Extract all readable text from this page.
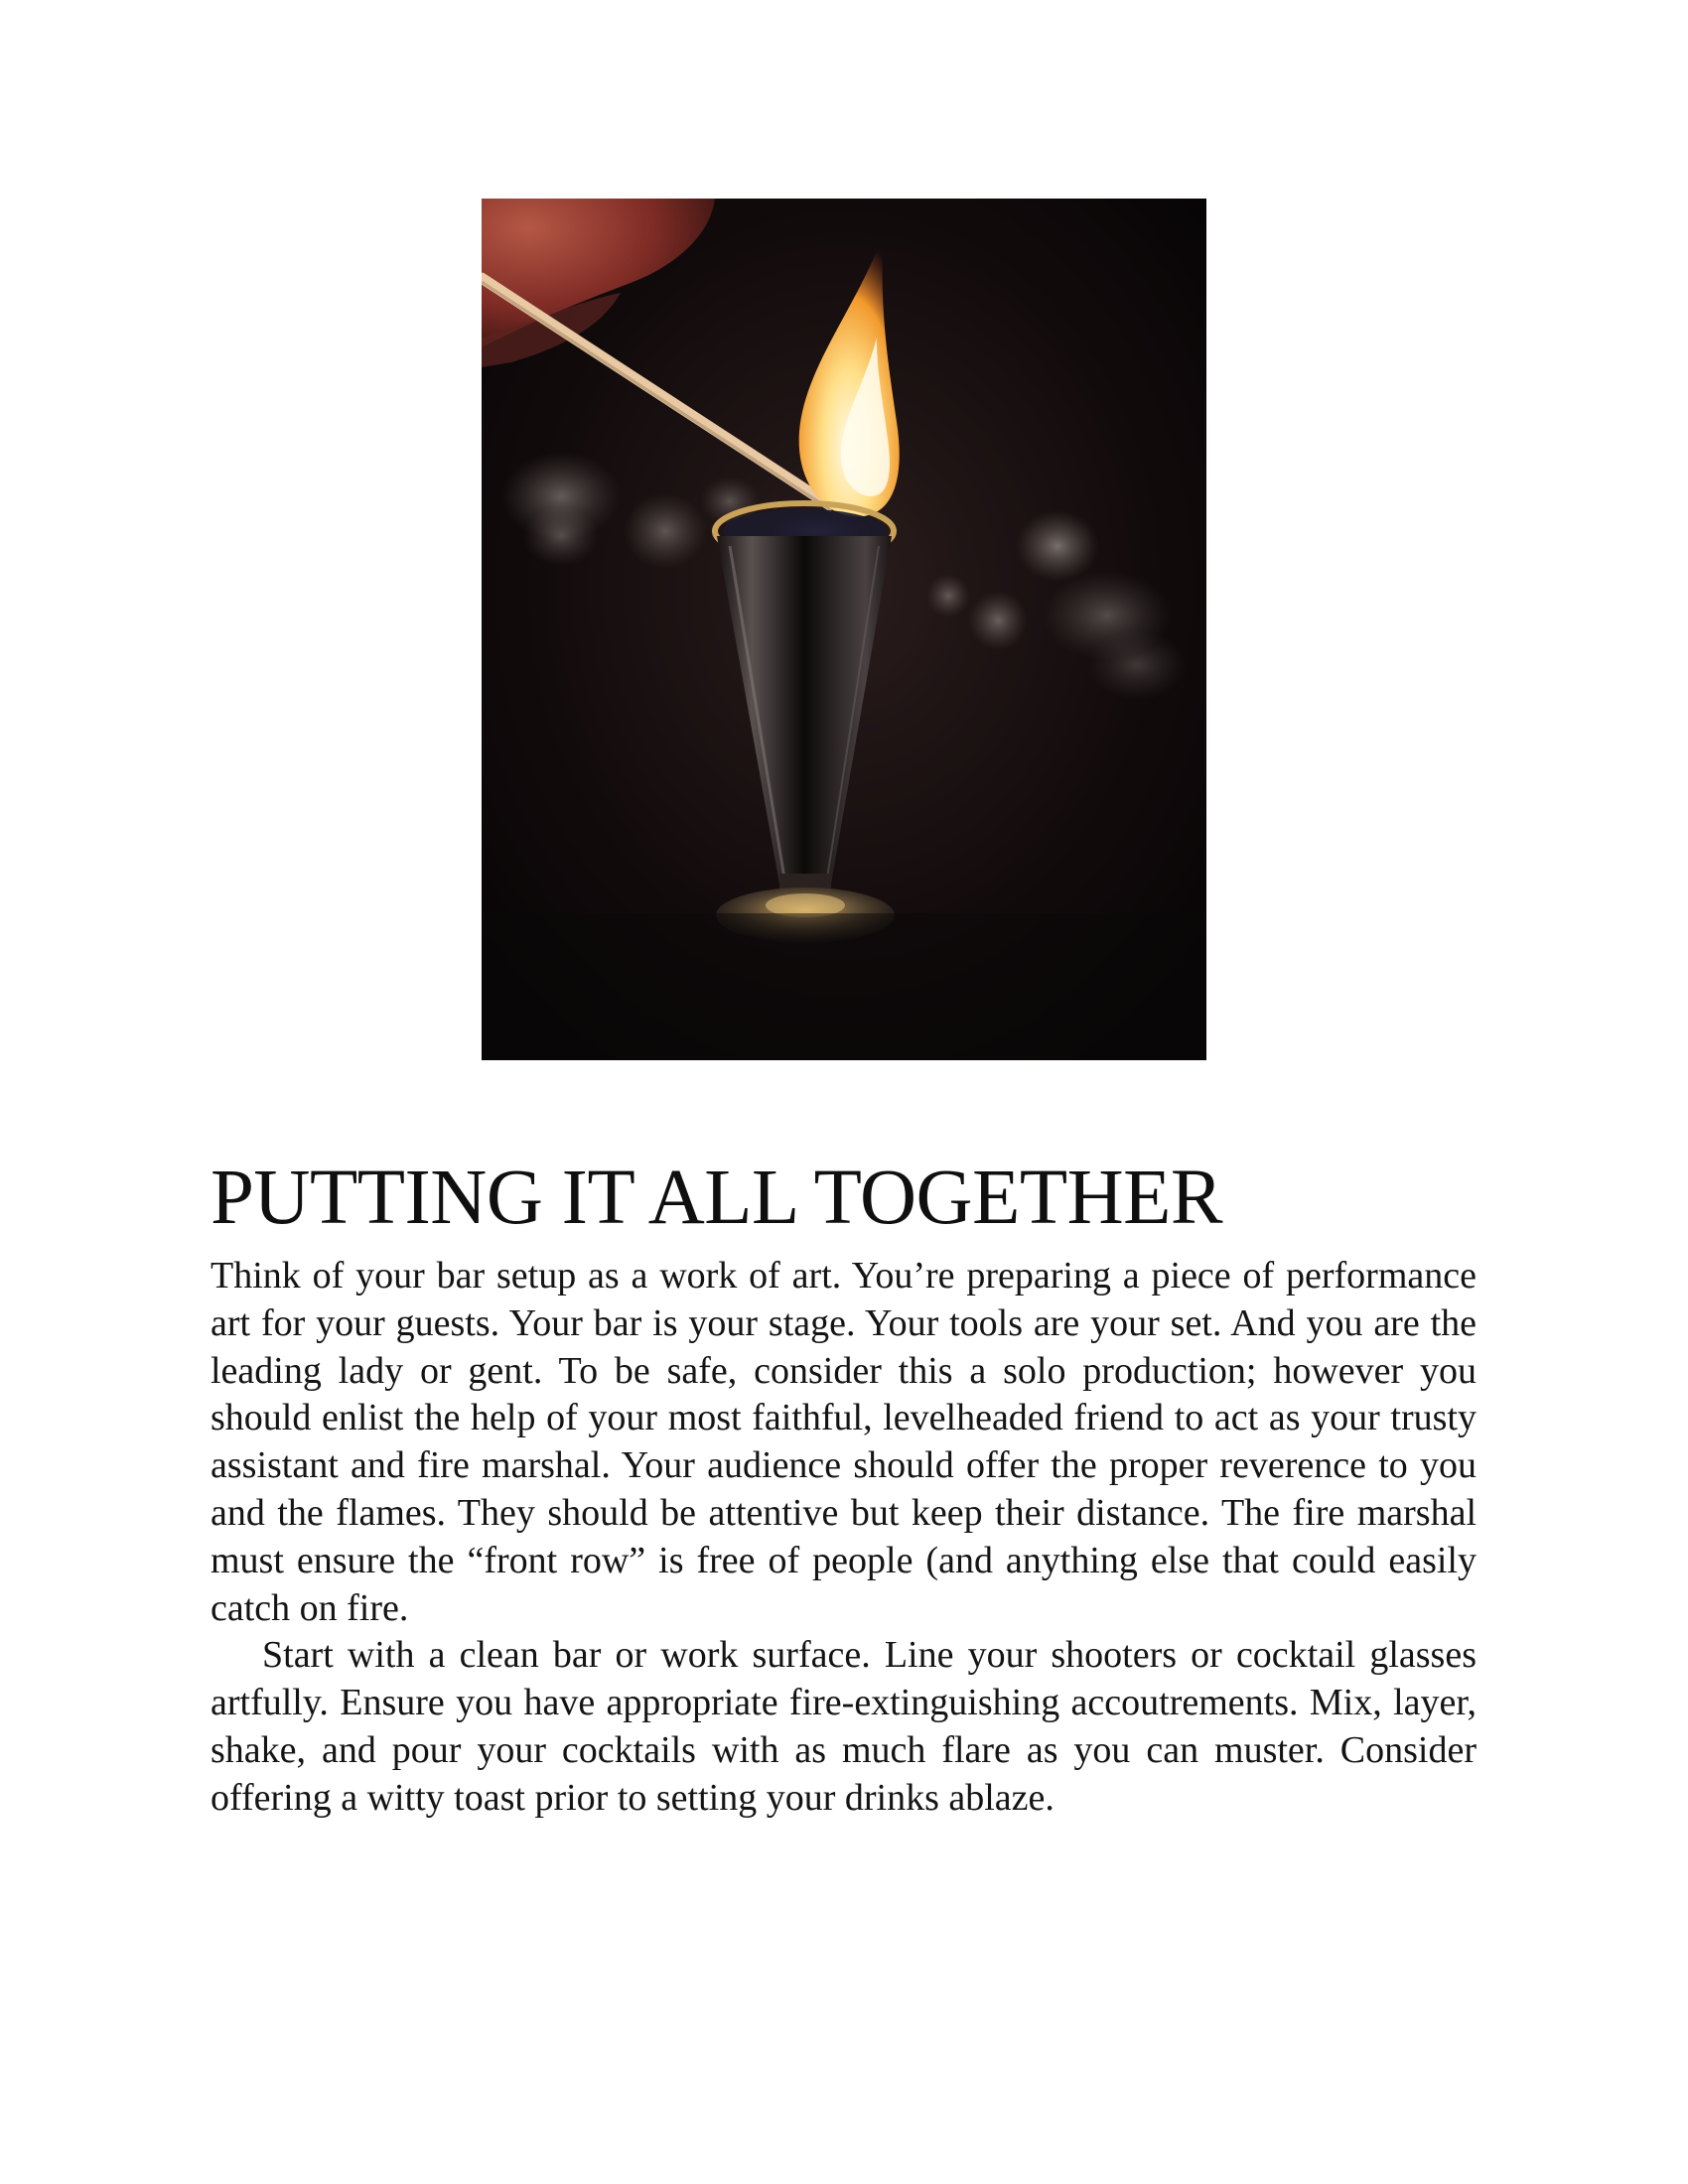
PUTTING IT ALL TOGETHER

Think of your bar setup as a work of art. You’re preparing a piece of performance art for your guests. Your bar is your stage. Your tools are your set. And you are the leading lady or gent. To be safe, consider this a solo production; however you should enlist the help of your most faithful, levelheaded friend to act as your trusty assistant and fire marshal. Your audience should offer the proper reverence to you and the flames. They should be attentive but keep their distance. The fire marshal must ensure the “front row” is free of people (and anything else that could easily catch on fire.

Start with a clean bar or work surface. Line your shooters or cocktail glasses artfully. Ensure you have appropriate fire-extinguishing accoutrements. Mix, layer, shake, and pour your cocktails with as much flare as you can muster. Consider offering a witty toast prior to setting your drinks ablaze.
